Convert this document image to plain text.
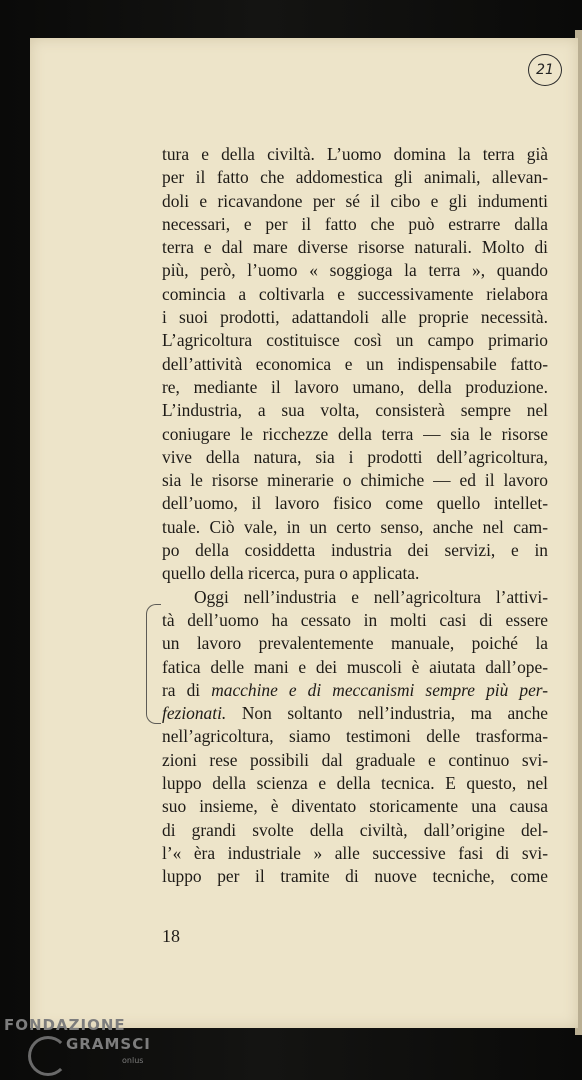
21
tura e della civiltà. L’uomo domina la terra già
per il fatto che addomestica gli animali, allevan-
doli e ricavandone per sé il cibo e gli indumenti
necessari, e per il fatto che può estrarre dalla
terra e dal mare diverse risorse naturali. Molto di
più, però, l’uomo « soggioga la terra », quando
comincia a coltivarla e successivamente rielabora
i suoi prodotti, adattandoli alle proprie necessità.
L’agricoltura costituisce così un campo primario
dell’attività economica e un indispensabile fatto-
re, mediante il lavoro umano, della produzione.
L’industria, a sua volta, consisterà sempre nel
coniugare le ricchezze della terra — sia le risorse
vive della natura, sia i prodotti dell’agricoltura,
sia le risorse minerarie o chimiche — ed il lavoro
dell’uomo, il lavoro fisico come quello intellet-
tuale. Ciò vale, in un certo senso, anche nel cam-
po della cosiddetta industria dei servizi, e in
quello della ricerca, pura o applicata.
Oggi nell’industria e nell’agricoltura l’attivi-
tà dell’uomo ha cessato in molti casi di essere
un lavoro prevalentemente manuale, poiché la
fatica delle mani e dei muscoli è aiutata dall’ope-
ra di macchine e di meccanismi sempre più per-
fezionati. Non soltanto nell’industria, ma anche
nell’agricoltura, siamo testimoni delle trasforma-
zioni rese possibili dal graduale e continuo svi-
luppo della scienza e della tecnica. E questo, nel
suo insieme, è diventato storicamente una causa
di grandi svolte della civiltà, dall’origine del-
l’« èra industriale » alle successive fasi di svi-
luppo per il tramite di nuove tecniche, come
18
FONDAZIONE
GRAMSCI
onlus
